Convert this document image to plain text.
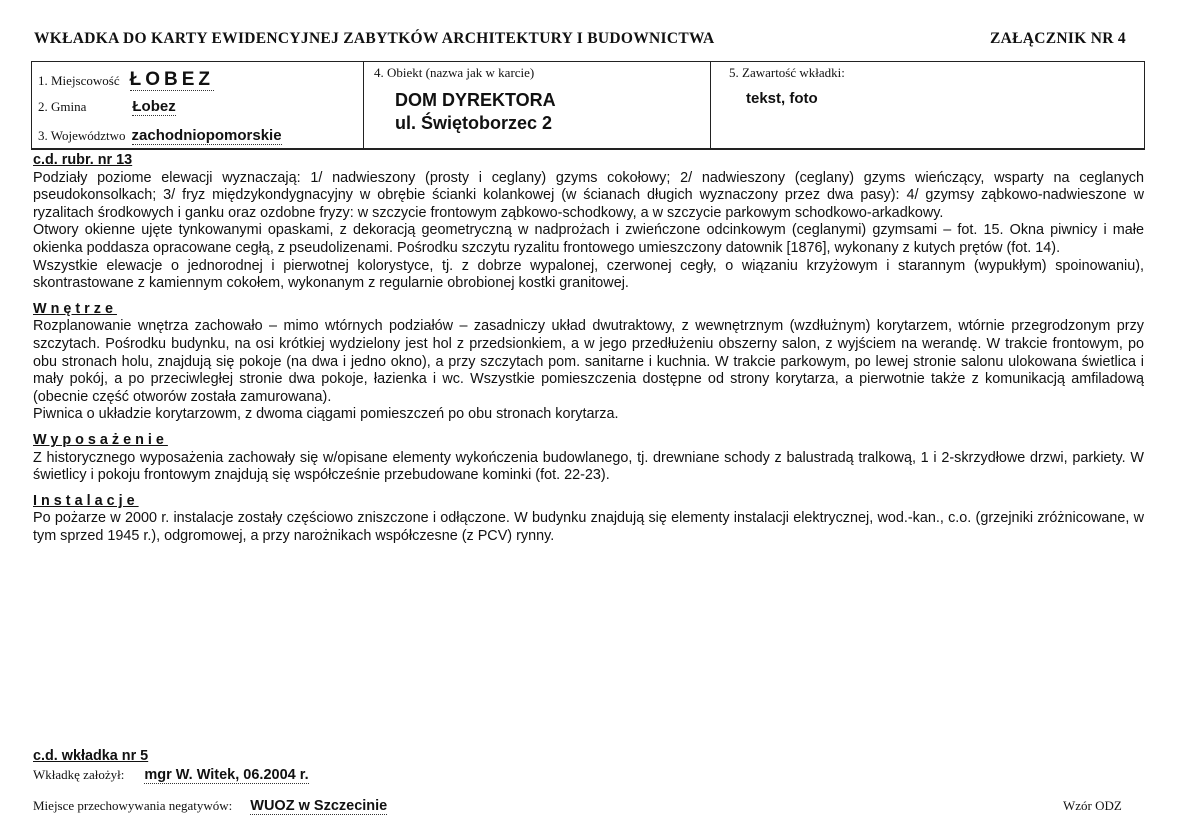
WKŁADKA DO KARTY EWIDENCYJNEJ ZABYTKÓW ARCHITEKTURY I BUDOWNICTWA	ZAŁĄCZNIK NR 4
1. Miejscowość ŁOBEZ
2. Gmina	Łobez
3. Województwo zachodniopomorskie
4. Obiekt (nazwa jak w karcie)
DOM DYREKTORA
ul. Świętoborzec 2
5. Zawartość wkładki:
tekst, foto
c.d. rubr. nr 13

Podziały poziome elewacji wyznaczają: 1/ nadwieszony (prosty i ceglany) gzyms cokołowy; 2/ nadwieszony (ceglany) gzyms wieńczący, wsparty na ceglanych pseudokonsolkach; 3/ fryz międzykondygnacyjny w obrębie ścianki kolankowej (w ścianach długich wyznaczony przez dwa pasy): 4/ gzymsy ząbkowo-nadwieszone w ryzalitach środkowych i ganku oraz ozdobne fryzy: w szczycie frontowym ząbkowo-schodkowy, a w szczycie parkowym schodkowo-arkadkowy.

Otwory okienne ujęte tynkowanymi opaskami, z dekoracją geometryczną w nadprożach i zwieńczone odcinkowym (ceglanymi) gzymsami – fot. 15. Okna piwnicy i małe okienka poddasza opracowane cegłą, z pseudolizenami. Pośrodku szczytu ryzalitu frontowego umieszczony datownik [1876], wykonany z kutych prętów (fot. 14).

Wszystkie elewacje o jednorodnej i pierwotnej kolorystyce, tj. z dobrze wypalonej, czerwonej cegły, o wiązaniu krzyżowym i starannym (wypukłym) spoinowaniu), skontrastowane z kamiennym cokołem, wykonanym z regularnie obrobionej kostki granitowej.

Wnętrze

Rozplanowanie wnętrza zachowało – mimo wtórnych podziałów – zasadniczy układ dwutraktowy, z wewnętrznym (wzdłużnym) korytarzem, wtórnie przegrodzonym przy szczytach. Pośrodku budynku, na osi krótkiej wydzielony jest hol z przedsionkiem, a w jego przedłużeniu obszerny salon, z wyjściem na werandę. W trakcie frontowym, po obu stronach holu, znajdują się pokoje (na dwa i jedno okno), a przy szczytach pom. sanitarne i kuchnia. W trakcie parkowym, po lewej stronie salonu ulokowana świetlica i mały pokój, a po przeciwległej stronie dwa pokoje, łazienka i wc. Wszystkie pomieszczenia dostępne od strony korytarza, a pierwotnie także z komunikacją amfiladową (obecnie część otworów została zamurowana).

Piwnica o układzie korytarzowm, z dwoma ciągami pomieszczeń po obu stronach korytarza.

Wyposażenie

Z historycznego wyposażenia zachowały się w/opisane elementy wykończenia budowlanego, tj. drewniane schody z balustradą tralkową, 1 i 2-skrzydłowe drzwi, parkiety. W świetlicy i pokoju frontowym znajdują się współcześnie przebudowane kominki (fot. 22-23).

Instalacje

Po pożarze w 2000 r. instalacje zostały częściowo zniszczone i odłączone. W budynku znajdują się elementy instalacji elektrycznej, wod.-kan., c.o. (grzejniki zróżnicowane, w tym sprzed 1945 r.), odgromowej, a przy narożnikach współczesne (z PCV) rynny.

c.d. wkładka nr 5
Wkładkę założył: mgr W. Witek, 06.2004 r.
Miejsce przechowywania negatywów: WUOZ w Szczecinie	Wzór ODZ
